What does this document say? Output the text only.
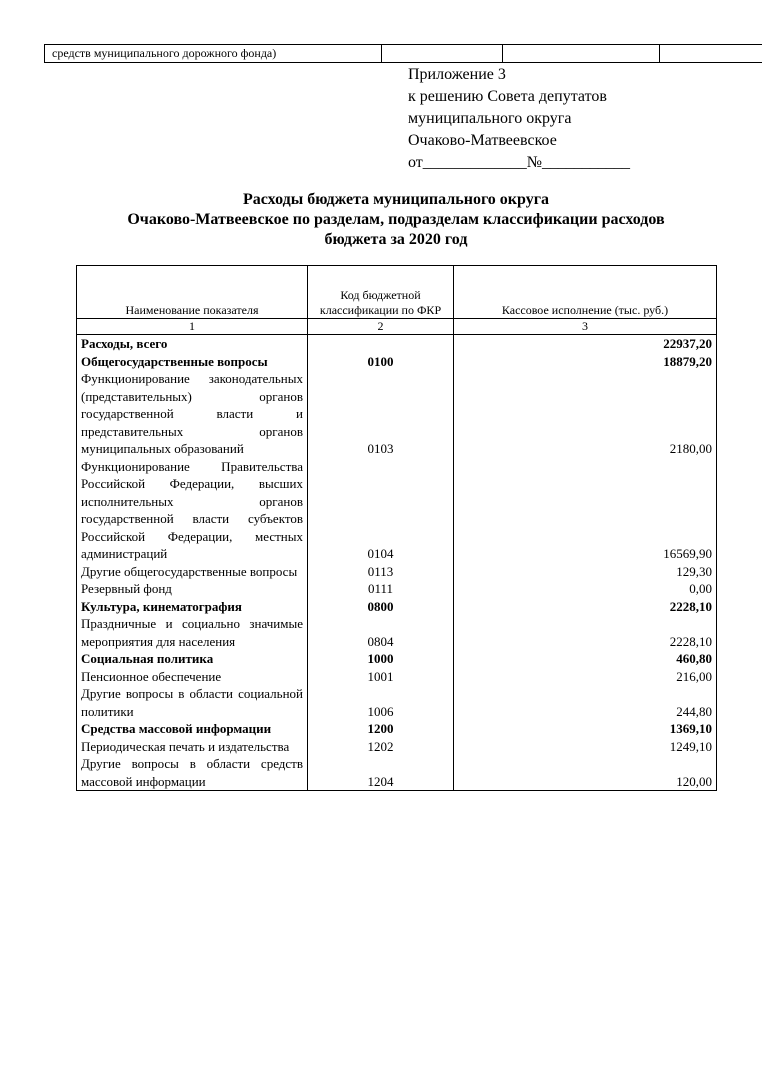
средств муниципального дорожного фонда)
Приложение 3
к решению Совета депутатов
муниципального округа
Очаково-Матвеевское
от_____________№___________
Расходы бюджета муниципального округа
Очаково-Матвеевское по разделам, подразделам классификации расходов
бюджета за 2020 год
Наименование показателя	Код бюджетной классификации по ФКР	Кассовое исполнение (тыс. руб.)
1	2	3
Расходы, всего		22937,20
Общегосударственные вопросы	0100	18879,20
Функционирование законодательных (представительных) органов государственной власти и представительных органов муниципальных образований	0103	2180,00
Функционирование Правительства Российской Федерации, высших исполнительных органов государственной власти субъектов Российской Федерации, местных администраций	0104	16569,90
Другие общегосударственные вопросы	0113	129,30
Резервный фонд	0111	0,00
Культура, кинематография	0800	2228,10
Праздничные и социально значимые мероприятия для населения	0804	2228,10
Социальная политика	1000	460,80
Пенсионное обеспечение	1001	216,00
Другие вопросы в области социальной политики	1006	244,80
Средства массовой информации	1200	1369,10
Периодическая печать и издательства	1202	1249,10
Другие вопросы в области средств массовой информации	1204	120,00
